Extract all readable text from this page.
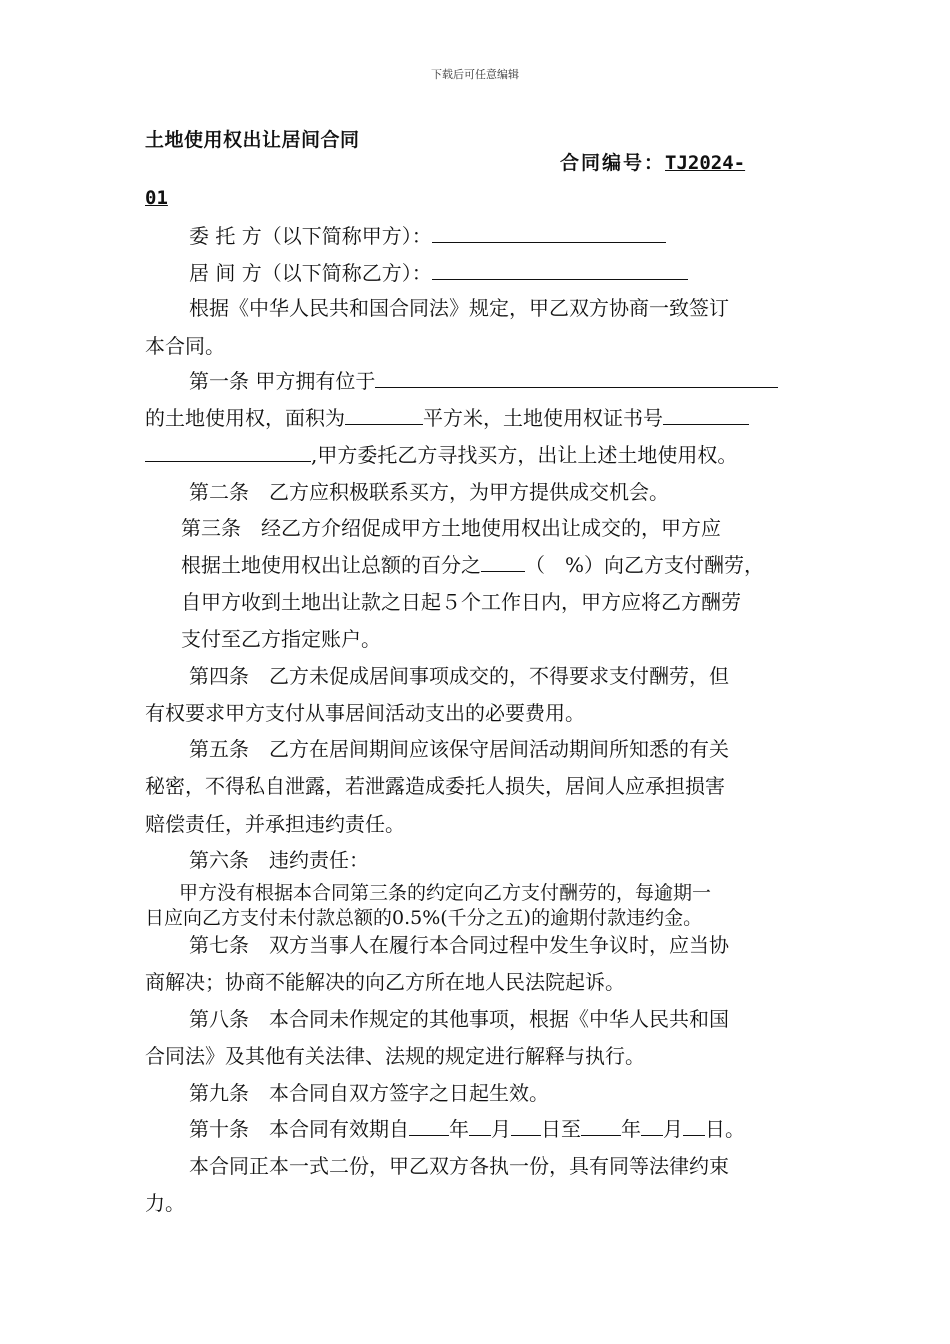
下载后可任意编辑
土地使用权出让居间合同
合同编号：TJ2024-
01
委 托 方（以下简称甲方）：
居 间 方（以下简称乙方）：
根据《中华人民共和国合同法》规定，甲乙双方协商一致签订
本合同。
第一条 甲方拥有位于
的土地使用权，面积为	平方米，土地使用权证书号
,甲方委托乙方寻找买方，出让上述土地使用权。
第二条　乙方应积极联系买方，为甲方提供成交机会。
第三条　经乙方介绍促成甲方土地使用权出让成交的，甲方应
根据土地使用权出让总额的百分之 （　%）向乙方支付酬劳，
自甲方收到土地出让款之日起５个工作日内，甲方应将乙方酬劳
支付至乙方指定账户。
第四条　乙方未促成居间事项成交的，不得要求支付酬劳，但
有权要求甲方支付从事居间活动支出的必要费用。
第五条　乙方在居间期间应该保守居间活动期间所知悉的有关
秘密，不得私自泄露，若泄露造成委托人损失，居间人应承担损害
赔偿责任，并承担违约责任。
第六条　违约责任：
甲方没有根据本合同第三条的约定向乙方支付酬劳的，每逾期一
日应向乙方支付未付款总额的0.5%(千分之五)的逾期付款违约金。
第七条　双方当事人在履行本合同过程中发生争议时，应当协
商解决；协商不能解决的向乙方所在地人民法院起诉。
第八条　本合同未作规定的其他事项，根据《中华人民共和国
合同法》及其他有关法律、法规的规定进行解释与执行。
第九条　本合同自双方签字之日起生效。
第十条　本合同有效期自 年 月 日至 年 月 日。
本合同正本一式二份，甲乙双方各执一份，具有同等法律约束
力。
